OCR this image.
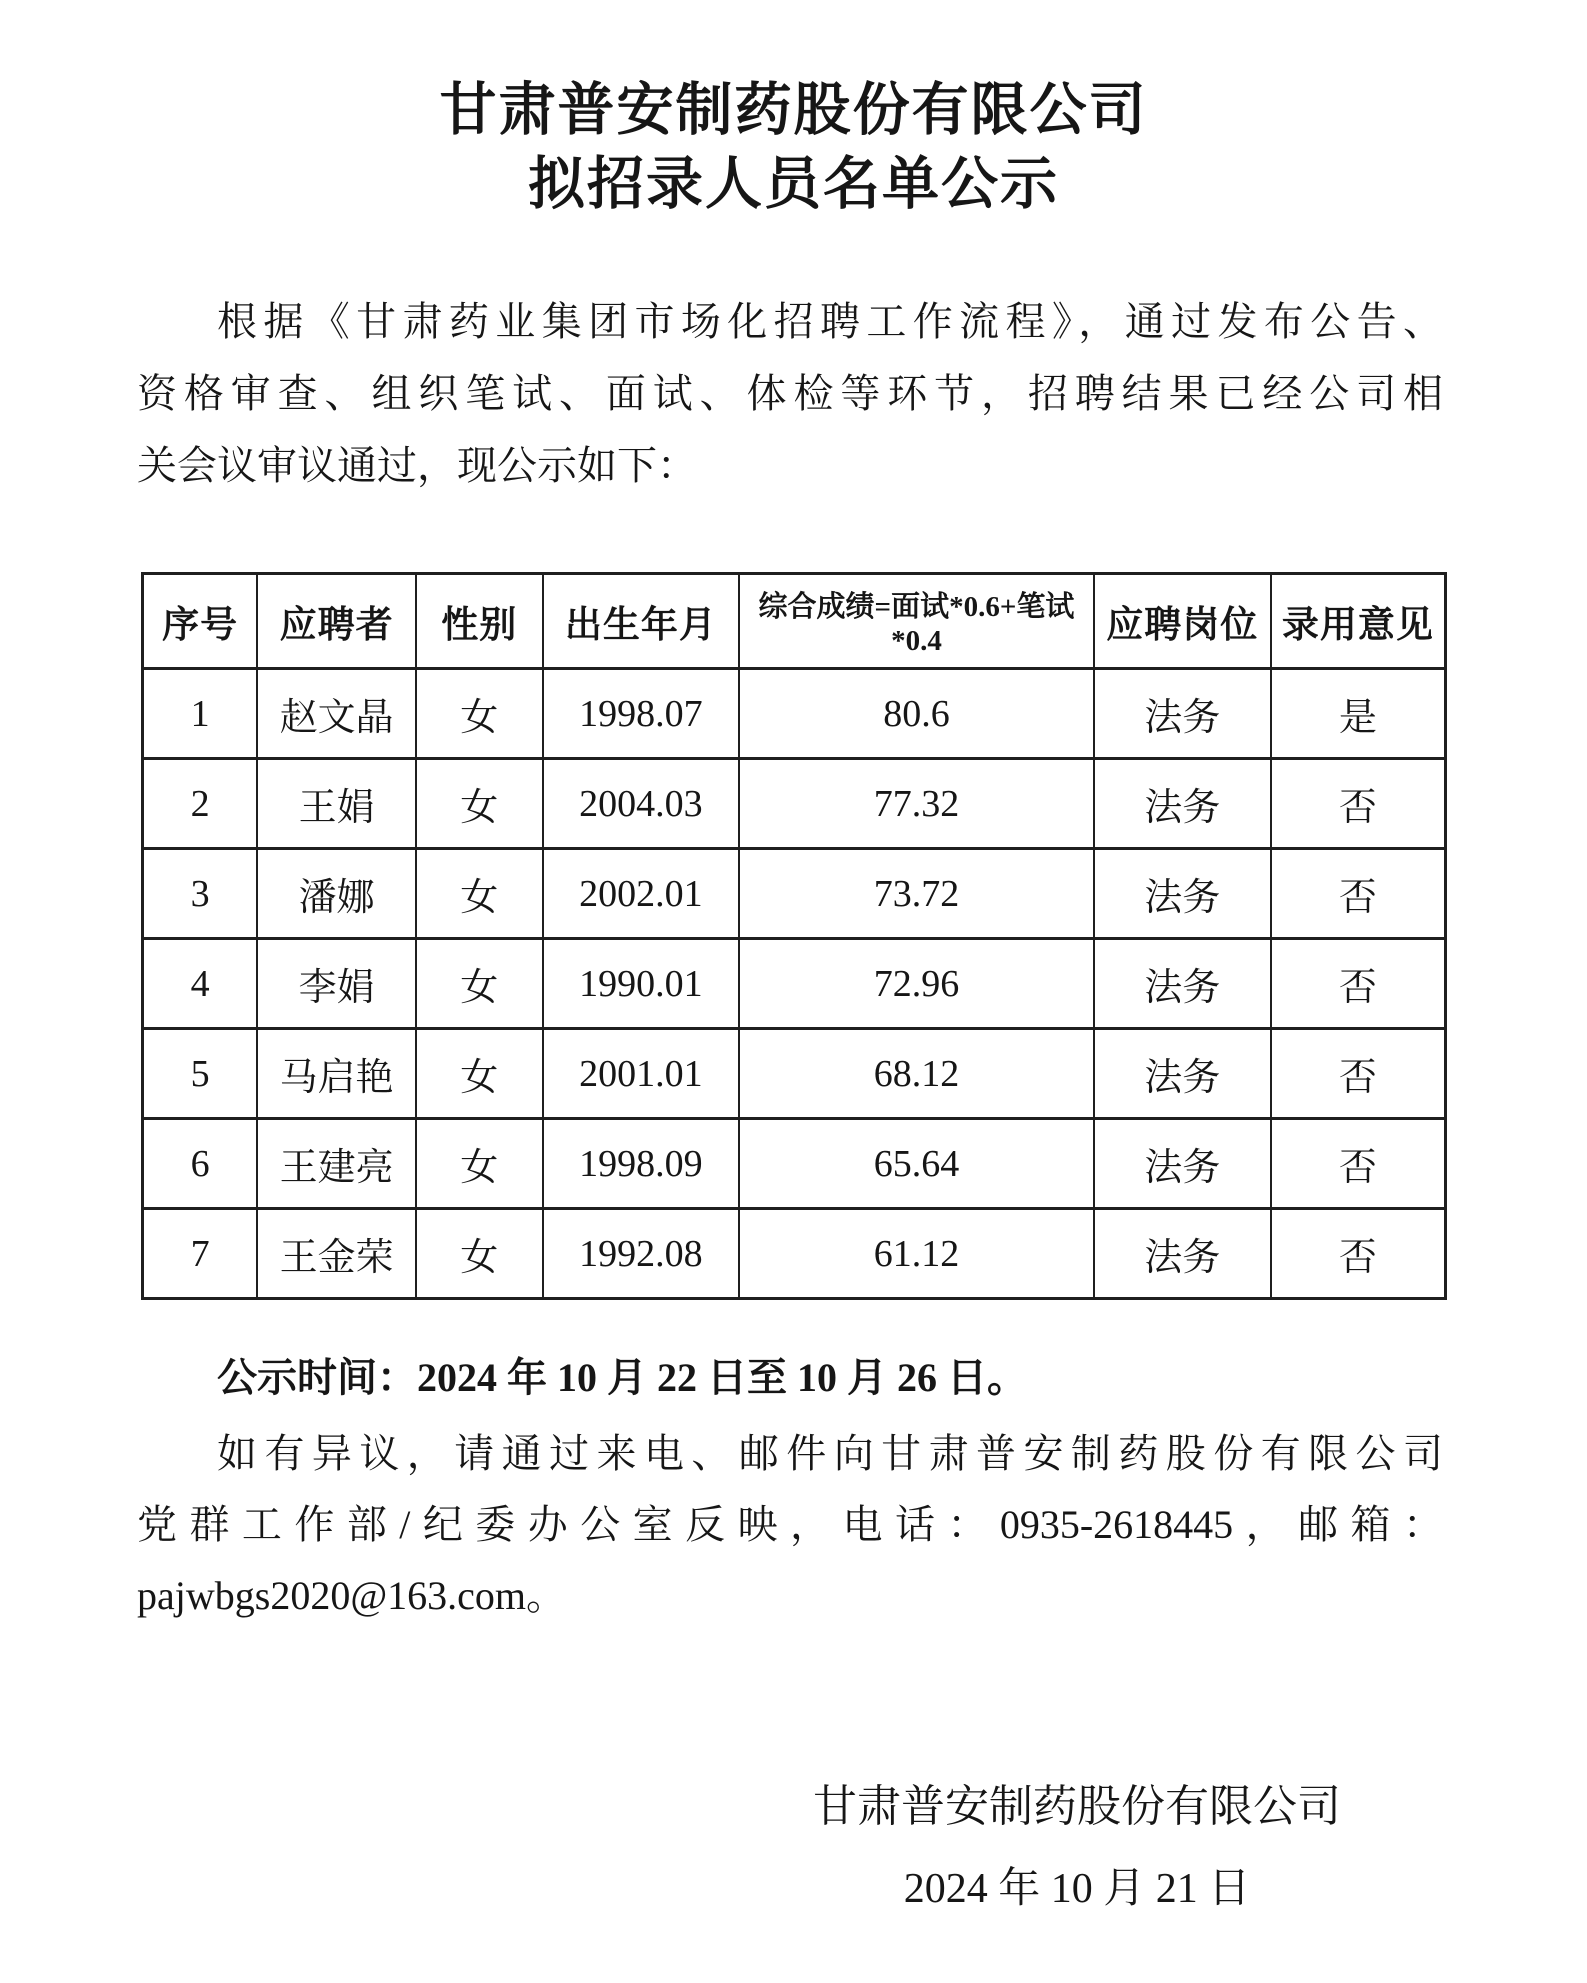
甘肃普安制药股份有限公司
拟招录人员名单公示
根据《甘肃药业集团市场化招聘工作流程》，通过发布公告、
资格审查、组织笔试、面试、体检等环节，招聘结果已经公司相
关会议审议通过，现公示如下：
序号	应聘者	性别	出生年月	综合成绩=面试*0.6+笔试*0.4	应聘岗位	录用意见
1	赵文晶	女	1998.07	80.6	法务	是
2	王娟	女	2004.03	77.32	法务	否
3	潘娜	女	2002.01	73.72	法务	否
4	李娟	女	1990.01	72.96	法务	否
5	马启艳	女	2001.01	68.12	法务	否
6	王建亮	女	1998.09	65.64	法务	否
7	王金荣	女	1992.08	61.12	法务	否
公示时间：2024 年 10 月 22 日至 10 月 26 日。
如有异议，请通过来电、邮件向甘肃普安制药股份有限公司
党群工作部/纪委办公室反映，电话：0935-2618445，邮箱：
pajwbgs2020@163.com。
甘肃普安制药股份有限公司
2024 年 10 月 21 日
